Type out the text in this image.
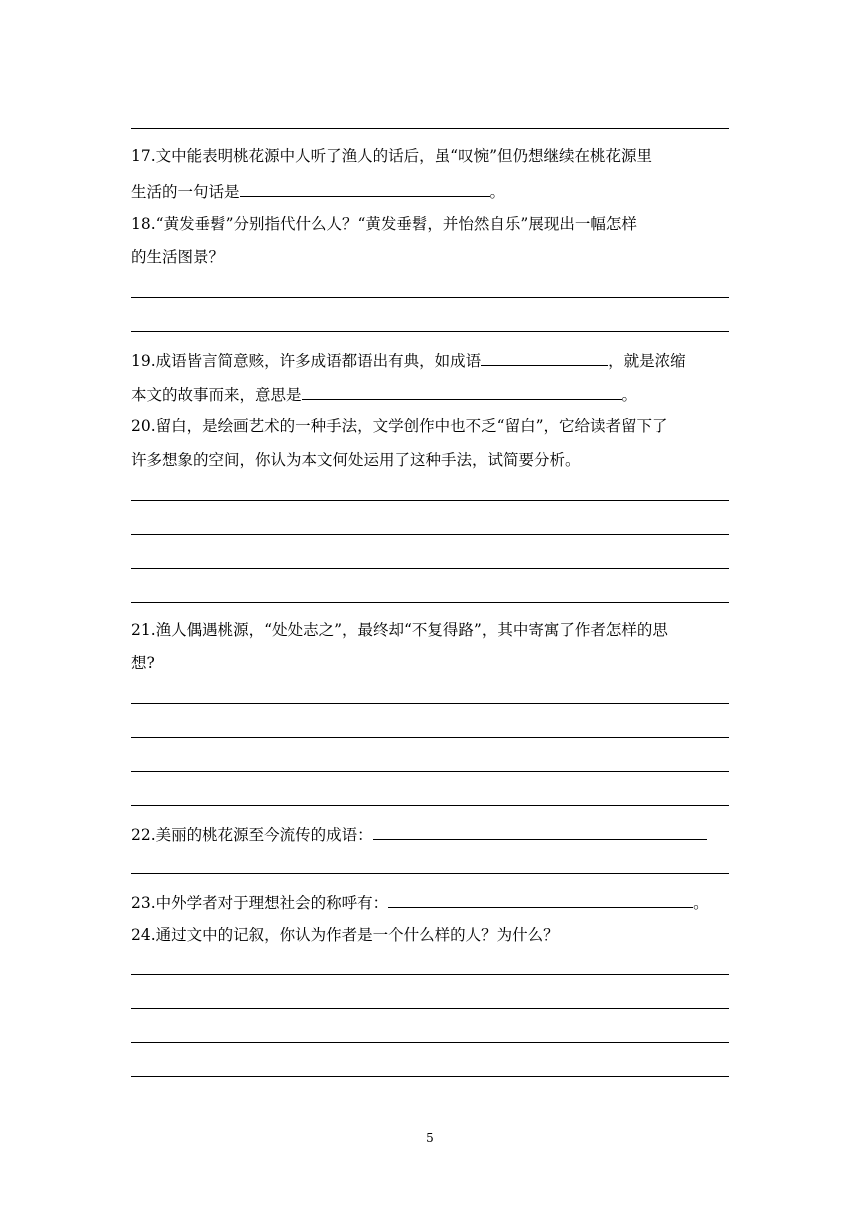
17.文中能表明桃花源中人听了渔人的话后，虽“叹惋”但仍想继续在桃花源里
生活的一句话是	。
18.“黄发垂髫”分别指代什么人？“黄发垂髫，并怡然自乐”展现出一幅怎样
的生活图景？
19.成语皆言简意赅，许多成语都语出有典，如成语	，就是浓缩
本文的故事而来，意思是	。
20.留白，是绘画艺术的一种手法，文学创作中也不乏“留白”，它给读者留下了
许多想象的空间，你认为本文何处运用了这种手法，试简要分析。
21.渔人偶遇桃源，“处处志之”，最终却“不复得路”，其中寄寓了作者怎样的思
想?
22.美丽的桃花源至今流传的成语：
23.中外学者对于理想社会的称呼有：	。
24.通过文中的记叙，你认为作者是一个什么样的人？为什么？
5
